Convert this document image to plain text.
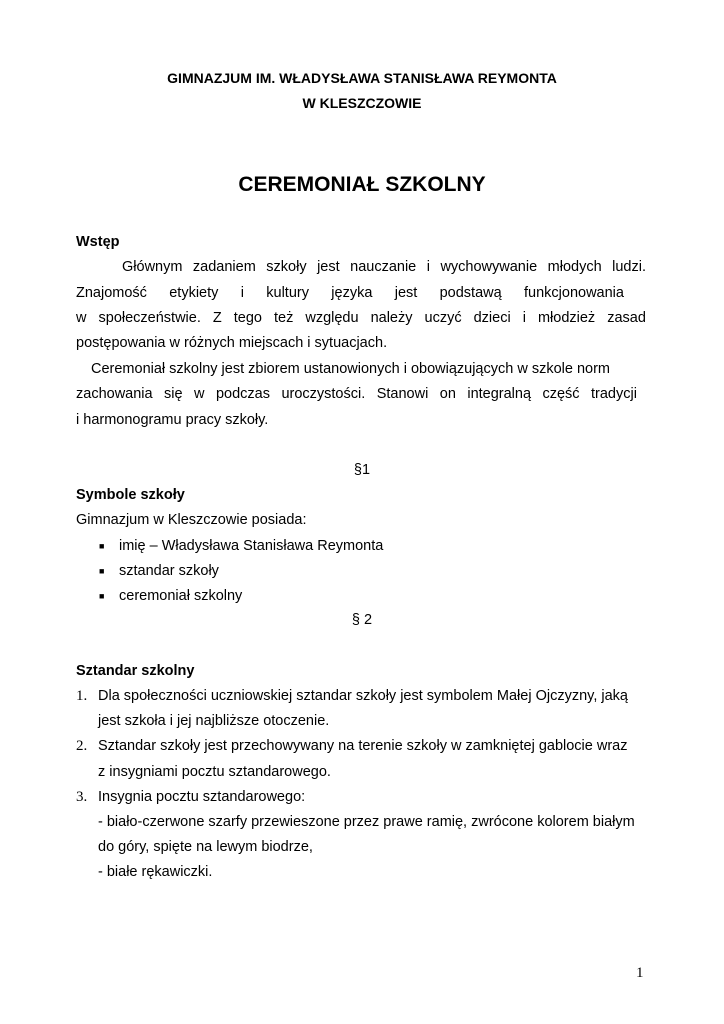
GIMNAZJUM IM. WŁADYSŁAWA STANISŁAWA REYMONTA
W KLESZCZOWIE
CEREMONIAŁ SZKOLNY
Wstęp
Głównym zadaniem szkoły jest nauczanie i wychowywanie młodych ludzi.
Znajomość etykiety i kultury języka jest podstawą funkcjonowania
w społeczeństwie. Z tego też względu należy uczyć dzieci i młodzież zasad
postępowania w różnych miejscach i sytuacjach.
Ceremoniał szkolny jest zbiorem ustanowionych i obowiązujących w szkole norm
zachowania się w podczas uroczystości. Stanowi on integralną część tradycji
i harmonogramu pracy szkoły.
§1
Symbole szkoły
Gimnazjum w Kleszczowie posiada:
■ imię – Władysława Stanisława Reymonta
■ sztandar szkoły
■ ceremoniał szkolny
§ 2
Sztandar szkolny
1. Dla społeczności uczniowskiej sztandar szkoły jest symbolem Małej Ojczyzny, jaką
jest szkoła i jej najbliższe otoczenie.
2. Sztandar szkoły jest przechowywany na terenie szkoły w zamkniętej gablocie wraz
z insygniami pocztu sztandarowego.
3. Insygnia pocztu sztandarowego:
- biało-czerwone szarfy przewieszone przez prawe ramię, zwrócone kolorem białym
do góry, spięte na lewym biodrze,
- białe rękawiczki.
1
